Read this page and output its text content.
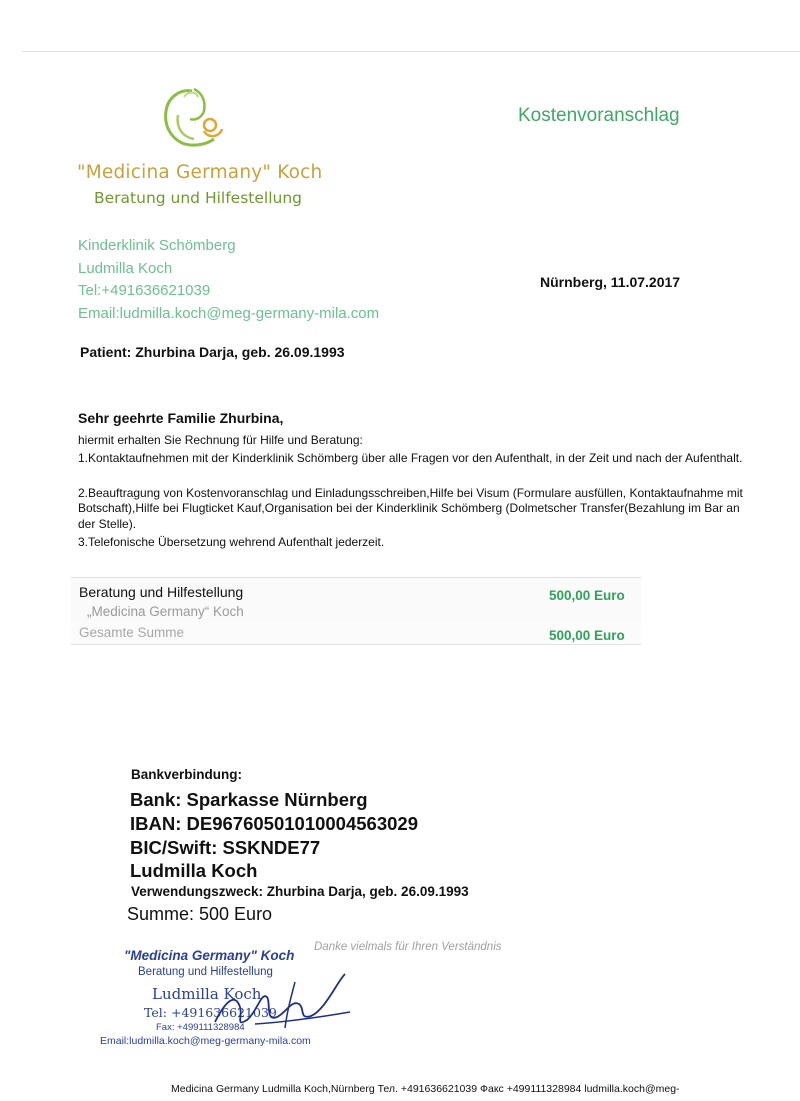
"Medicina Germany" Koch
Beratung und Hilfestellung
Kostenvoranschlag
Kinderklinik Schömberg
Ludmilla Koch
Tel:+491636621039
Email:ludmilla.koch@meg-germany-mila.com
Nürnberg, 11.07.2017
Patient: Zhurbina Darja, geb. 26.09.1993
Sehr geehrte Familie Zhurbina,
hiermit erhalten Sie Rechnung für Hilfe und Beratung:
1.Kontaktaufnehmen mit der Kinderklinik Schömberg über alle Fragen vor den Aufenthalt, in der Zeit und nach der Aufenthalt.
2.Beauftragung von Kostenvoranschlag und Einladungsschreiben,Hilfe bei Visum (Formulare ausfüllen, Kontaktaufnahme mit Botschaft),Hilfe bei Flugticket Kauf,Organisation bei der Kinderklinik Schömberg (Dolmetscher Transfer(Bezahlung im Bar an der Stelle).
3.Telefonische Übersetzung wehrend Aufenthalt jederzeit.
Beratung und Hilfestellung
„Medicina Germany“ Koch
500,00 Euro
Gesamte Summe	500,00 Euro
Bankverbindung:
Bank: Sparkasse Nürnberg
IBAN: DE96760501010004563029
BIC/Swift: SSKNDE77
Ludmilla Koch
Verwendungszweck: Zhurbina Darja, geb. 26.09.1993
Summe: 500 Euro
Danke vielmals für Ihren Verständnis
"Medicina Germany" Koch
Beratung und Hilfestellung
Ludmilla Koch
Tel: +491636621039
Fax: +499111328984
Email:ludmilla.koch@meg-germany-mila.com
Medicina Germany Ludmilla Koch,Nürnberg Тел. +491636621039 Факс +499111328984 ludmilla.koch@meg-
